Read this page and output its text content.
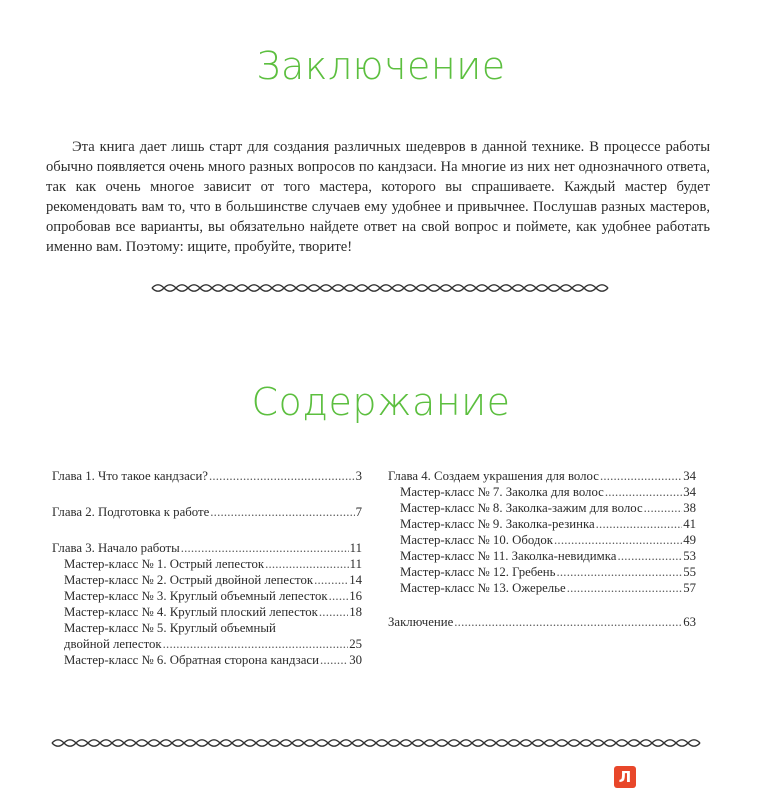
Заключение

Эта книга дает лишь старт для создания различных шедевров в данной технике. В процессе работы обычно появляется очень много разных вопросов по кандзаси. На многие из них нет однозначного ответа, так как очень многое зависит от того мастера, которого вы спрашиваете. Каждый мастер будет рекомендовать вам то, что в большинстве случаев ему удобнее и привычнее. Послушав разных мастеров, опробовав все варианты, вы обязательно найдете ответ на свой вопрос и поймете, как удобнее работать именно вам. Поэтому: ищите, пробуйте, творите!

Содержание
Глава 1. Что такое кандзаси? .....	3
Глава 2. Подготовка к работе .....	7
Глава 3. Начало работы .....	11
Мастер-класс № 1. Острый лепесток .....	11
Мастер-класс № 2. Острый двойной лепесток .....	14
Мастер-класс № 3. Круглый объемный лепесток ..... 16
Мастер-класс № 4. Круглый плоский лепесток ..... 18
Мастер-класс № 5. Круглый объемный
двойной лепесток .....	25
Мастер-класс № 6. Обратная сторона кандзаси ..... 30
Глава 4. Создаем украшения для волос .....	34
Мастер-класс № 7. Заколка для волос .....	34
Мастер-класс № 8. Заколка-зажим для волос .....	38
Мастер-класс № 9. Заколка-резинка .....	41
Мастер-класс № 10. Ободок .....	49
Мастер-класс № 11. Заколка-невидимка .....	53
Мастер-класс № 12. Гребень .....	55
Мастер-класс № 13. Ожерелье .....	57
Заключение .....	63
Л
